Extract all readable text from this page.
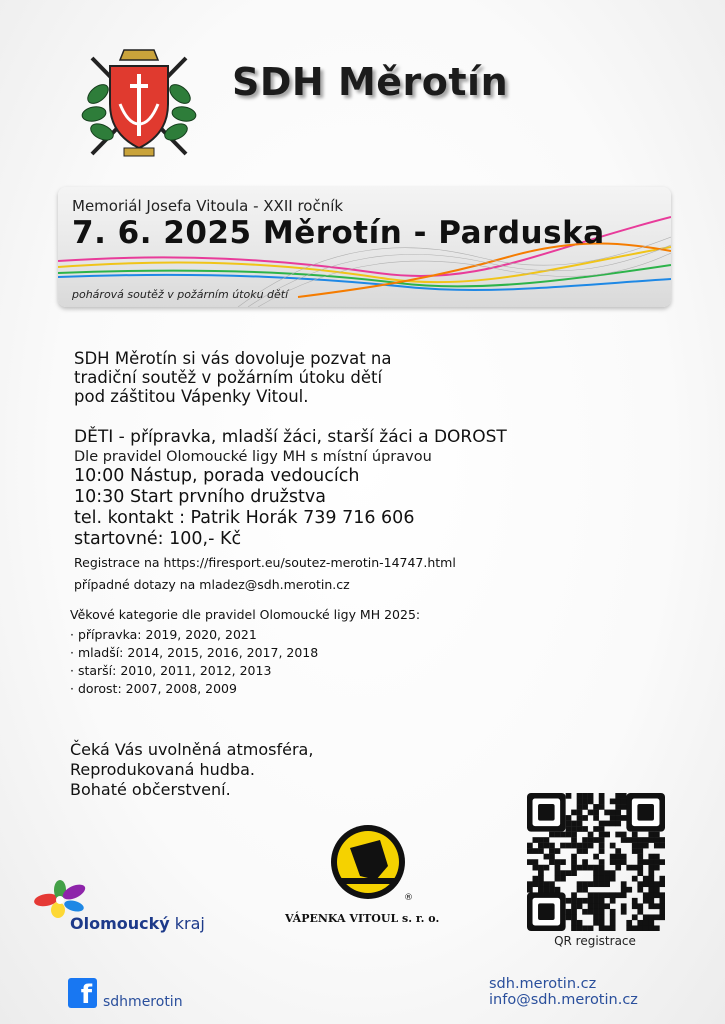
SDH Měrotín
Memoriál Josefa Vitoula - XXII ročník
7. 6. 2025 Měrotín - Parduska
pohárová soutěž v požárním útoku dětí
SDH Měrotín si vás dovoluje pozvat na
tradiční soutěž v požárním útoku dětí
pod záštitou Vápenky Vitoul.
DĚTI - přípravka, mladší žáci, starší žáci a DOROST
Dle pravidel Olomoucké ligy MH s místní úpravou
10:00 Nástup, porada vedoucích
10:30 Start prvního družstva
tel. kontakt : Patrik Horák 739 716 606
startovné: 100,- Kč
Registrace na https://firesport.eu/soutez-merotin-14747.html
případné dotazy na mladez@sdh.merotin.cz
Věkové kategorie dle pravidel Olomoucké ligy MH 2025:
· přípravka: 2019, 2020, 2021
· mladší: 2014, 2015, 2016, 2017, 2018
· starší: 2010, 2011, 2012, 2013
· dorost: 2007, 2008, 2009
Čeká Vás uvolněná atmosféra,
Reprodukovaná hudba.
Bohaté občerstvení.
Olomoucký kraj
®
VÁPENKA VITOUL s. r. o.
QR registrace
f sdhmerotin
sdh.merotin.cz
info@sdh.merotin.cz
